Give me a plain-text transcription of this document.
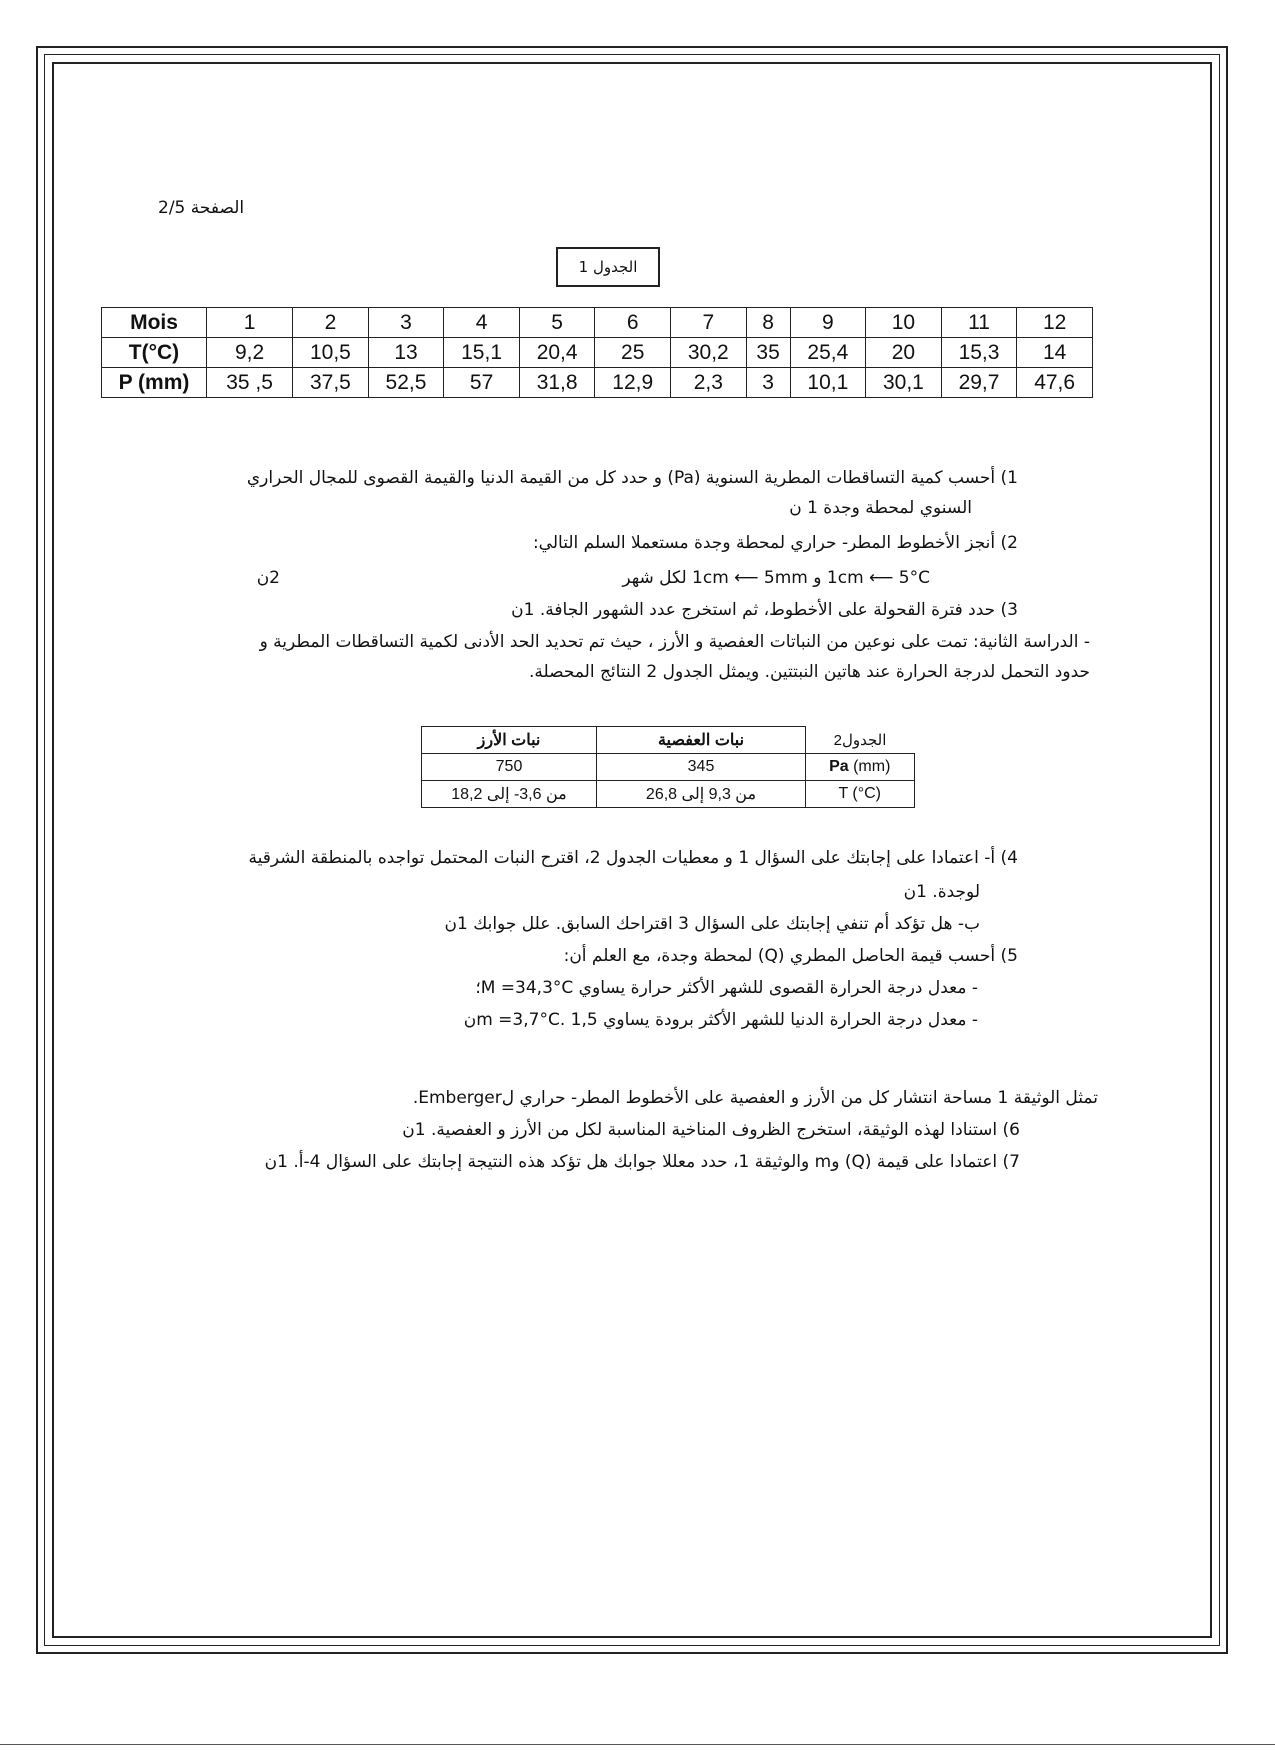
الصفحة 2/5
الجدول 1
Mois	1	2	3	4	5	6	7	8	9	10	11	12
T(°C)	9,2	10,5	13	15,1	20,4	25	30,2	35	25,4	20	15,3	14
P (mm)	35 ,5	37,5	52,5	57	31,8	12,9	2,3	3	10,1	30,1	29,7	47,6
1) أحسب كمية التساقطات المطرية السنوية (Pa) و حدد كل من القيمة الدنيا والقيمة القصوى للمجال الحراري
السنوي لمحطة وجدة 1 ن
2) أنجز الأخطوط المطر- حراري لمحطة وجدة مستعملا السلم التالي:
1cm ⟵ 5°C و 1cm ⟵ 5mm لكل شهر
2ن
3) حدد فترة القحولة على الأخطوط، ثم استخرج عدد الشهور الجافة. 1ن
- الدراسة الثانية: تمت على نوعين من النباتات العفصية و الأرز ، حيث تم تحديد الحد الأدنى لكمية التساقطات المطرية و
حدود التحمل لدرجة الحرارة عند هاتين النبتتين. ويمثل الجدول 2 النتائج المحصلة.
نبات الأرز	نبات العفصية	الجدول2
750	345	Pa (mm)
من 3,6- إلى 18,2	من 9,3 إلى 26,8	T (°C)
4) أ- اعتمادا على إجابتك على السؤال 1 و معطيات الجدول 2، اقترح النبات المحتمل تواجده بالمنطقة الشرقية
لوجدة. 1ن
ب- هل تؤكد أم تنفي إجابتك على السؤال 3 اقتراحك السابق. علل جوابك 1ن
5) أحسب قيمة الحاصل المطري (Q) لمحطة وجدة، مع العلم أن:
- معدل درجة الحرارة القصوى للشهر الأكثر حرارة يساوي M =34,3°C؛
- معدل درجة الحرارة الدنيا للشهر الأكثر برودة يساوي m =3,7°C. 1,5ن
تمثل الوثيقة 1 مساحة انتشار كل من الأرز و العفصية على الأخطوط المطر- حراري لEmberger.
6) استنادا لهذه الوثيقة، استخرج الظروف المناخية المناسبة لكل من الأرز و العفصية. 1ن
7) اعتمادا على قيمة (Q) وm والوثيقة 1، حدد معللا جوابك هل تؤكد هذه النتيجة إجابتك على السؤال 4-أ. 1ن
